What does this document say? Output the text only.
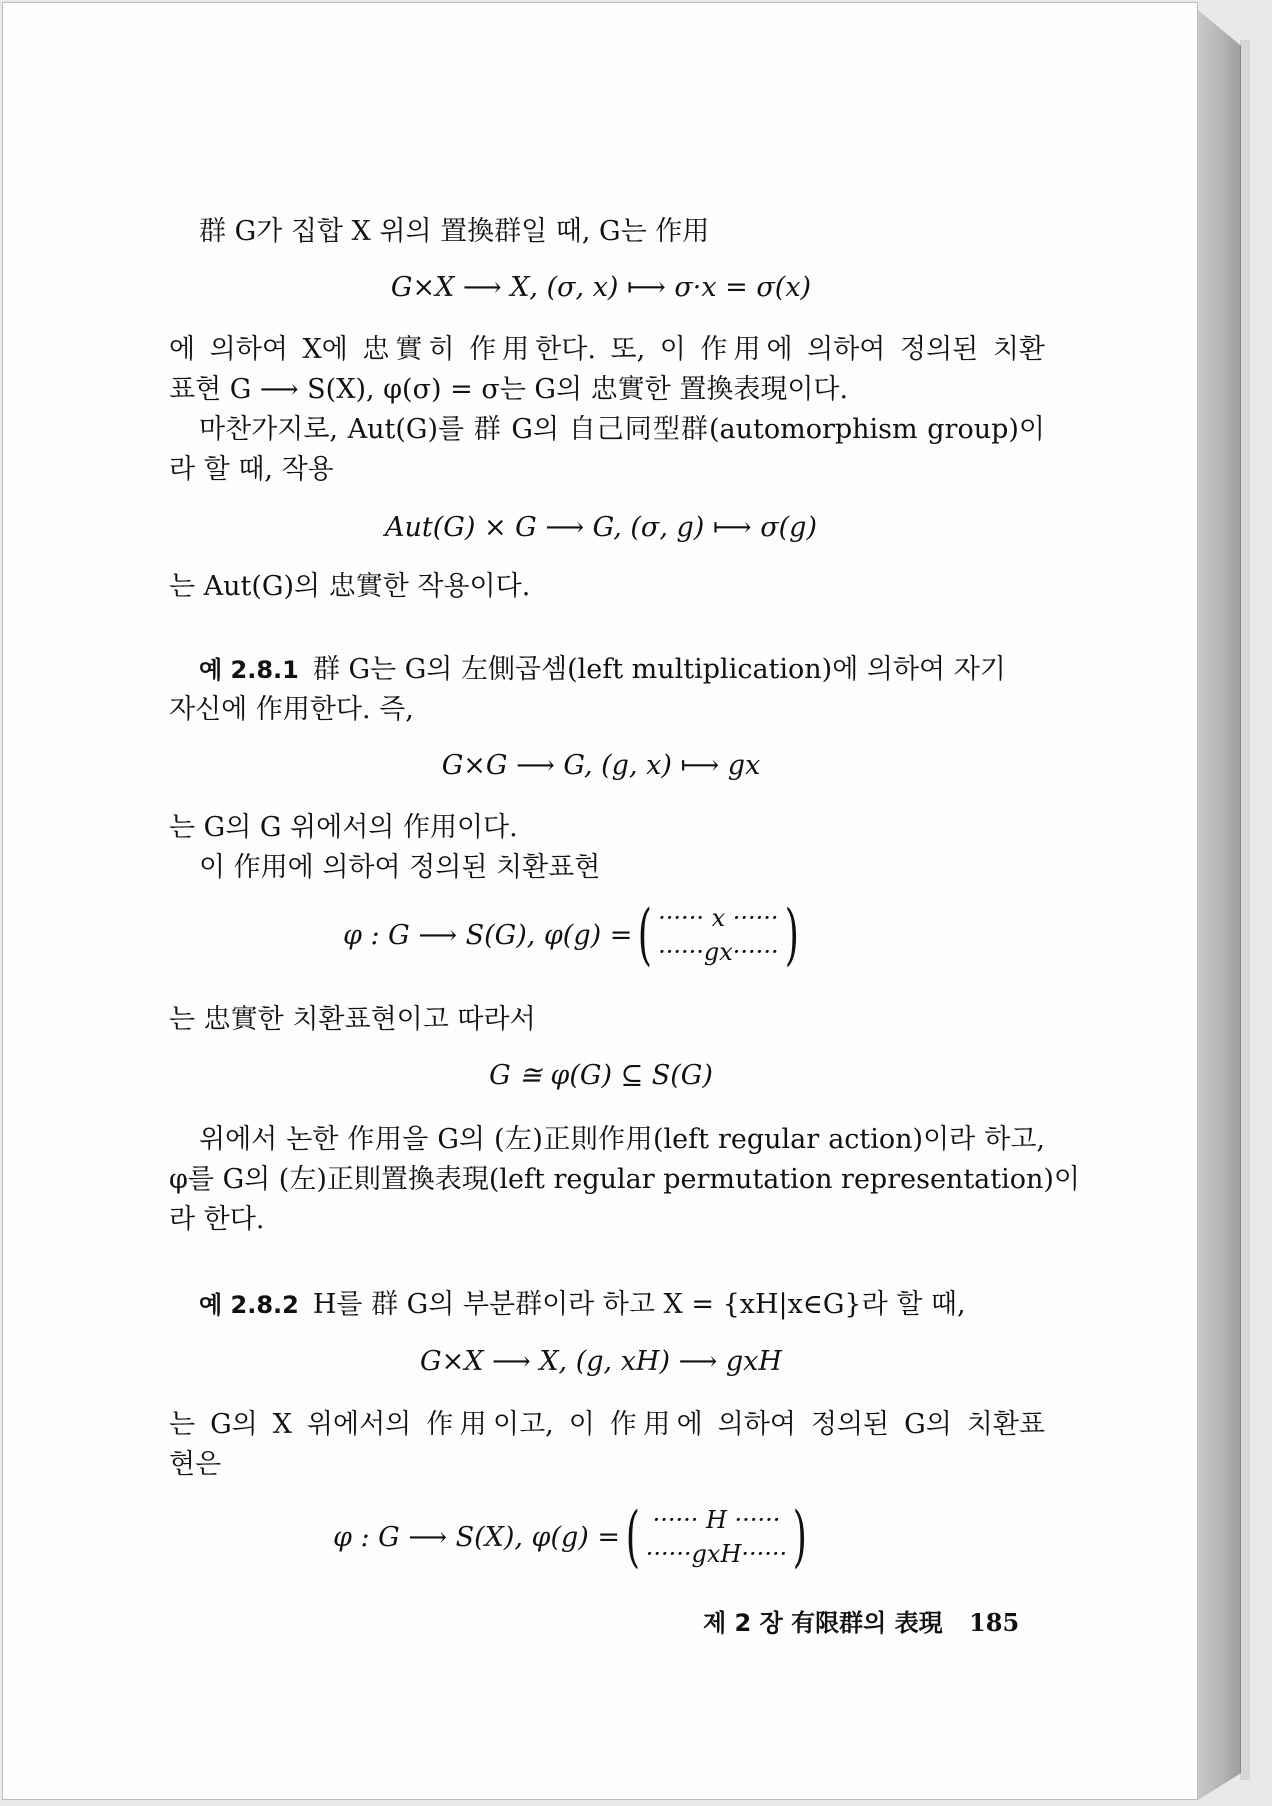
群 G가 집합 X 위의 置換群일 때, G는 作用
G×X ⟶ X, (σ, x) ⟼ σ·x = σ(x)
에 의하여 X에 忠實히 作用한다. 또, 이 作用에 의하여 정의된 치환
표현 G ⟶ S(X), φ(σ) = σ는 G의 忠實한 置換表現이다.
마찬가지로, Aut(G)를 群 G의 自己同型群(automorphism group)이
라 할 때, 작용
Aut(G) × G ⟶ G, (σ, g) ⟼ σ(g)
는 Aut(G)의 忠實한 작용이다.
예 2.8.1 群 G는 G의 左側곱셈(left multiplication)에 의하여 자기
자신에 作用한다. 즉,
G×G ⟶ G, (g, x) ⟼ gx
는 G의 G 위에서의 作用이다.
이 作用에 의하여 정의된 치환표현
φ : G ⟶ S(G), φ(g) = ( ······ x ······
······gx······ )
는 忠實한 치환표현이고 따라서
G ≅ φ(G) ⊆ S(G)
위에서 논한 作用을 G의 (左)正則作用(left regular action)이라 하고,
φ를 G의 (左)正則置換表現(left regular permutation representation)이
라 한다.
예 2.8.2 H를 群 G의 부분群이라 하고 X = {xH|x∈G}라 할 때,
G×X ⟶ X, (g, xH) ⟶ gxH
는 G의 X 위에서의 作用이고, 이 作用에 의하여 정의된 G의 치환표
현은
φ : G ⟶ S(X), φ(g) = ( ······ H ······
······gxH······ )
제 2 장 有限群의 表現 185
